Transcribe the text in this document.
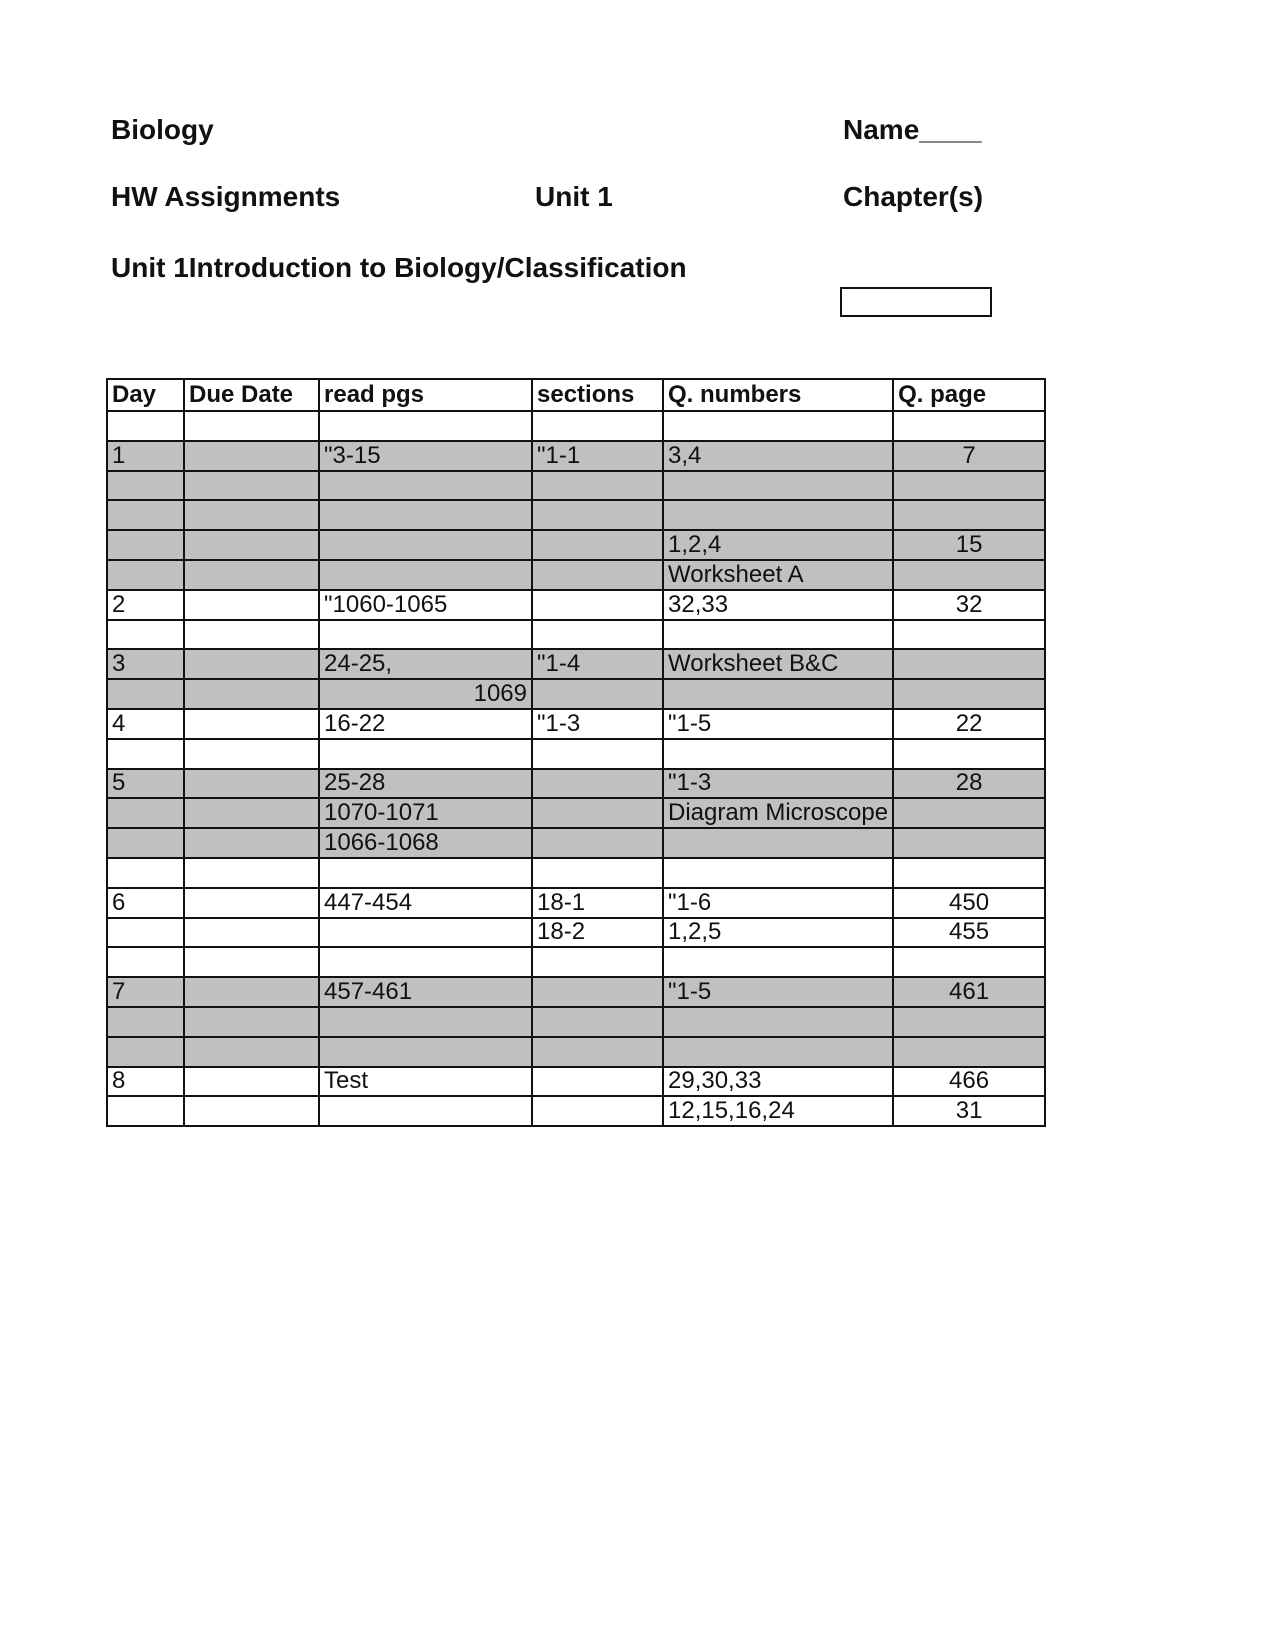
Biology	Name____
HW Assignments	Unit 1	Chapter(s)
Unit 1Introduction to Biology/Classification
Day	Due Date	read pgs	sections	Q. numbers	Q. page

1		"3-15	"1-1	3,4	7

				1,2,4	15
				Worksheet A	
2		"1060-1065		32,33	32

3		24-25,	"1-4	Worksheet B&C	
		1069			
4		16-22	"1-3	"1-5	22

5		25-28		"1-3	28
		1070-1071		Diagram Microscope	
		1066-1068			

6		447-454	18-1	"1-6	450
			18-2	1,2,5	455

7		457-461		"1-5	461

8		Test		29,30,33	466
				12,15,16,24	31
